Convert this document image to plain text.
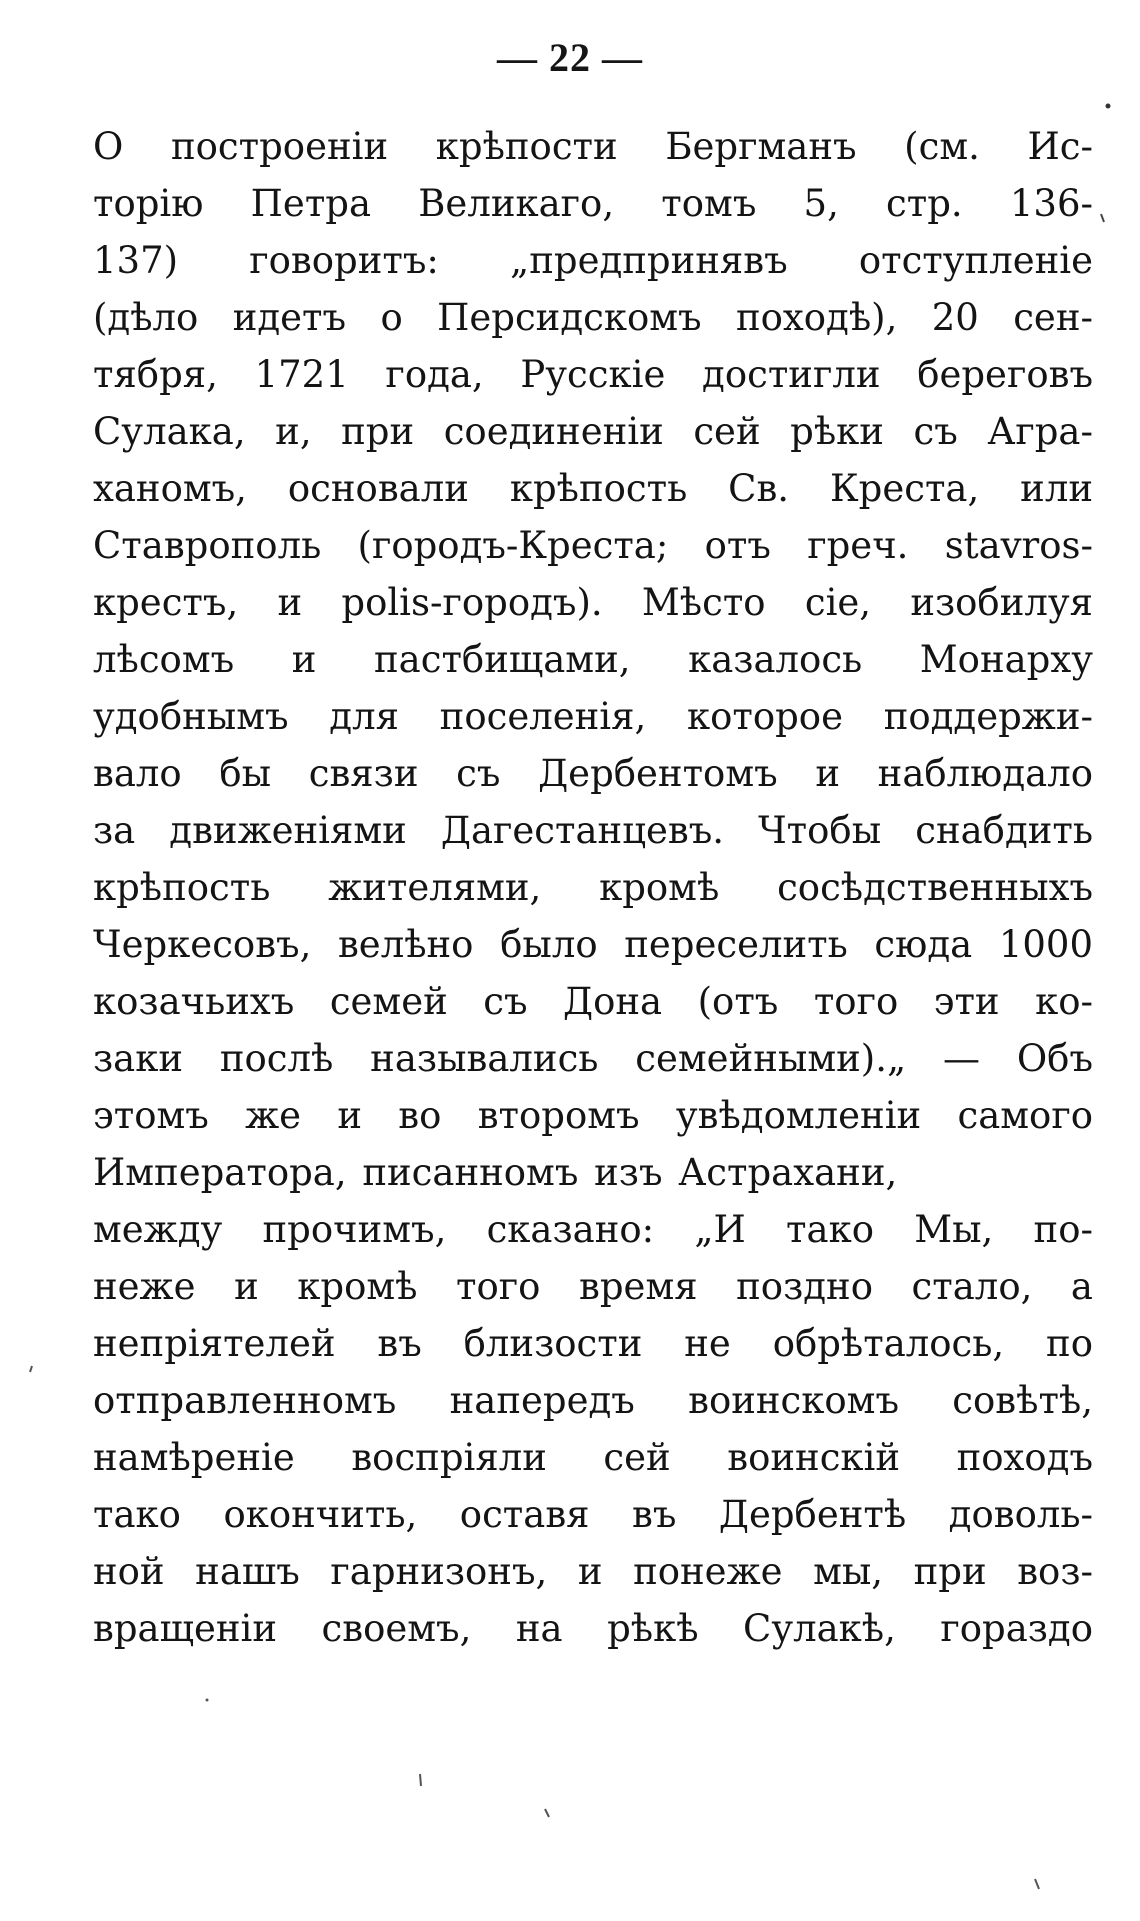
— 22 —
О построеніи крѣпости Бергманъ (см. Ис-
торію Петра Великаго, томъ 5, стр. 136-
137) говоритъ: „предпринявъ отступленіе
(дѣло идетъ о Персидскомъ походѣ), 20 сен-
тября, 1721 года, Русскіе достигли береговъ
Сулака, и, при соединеніи сей рѣки съ Агра-
ханомъ, основали крѣпость Св. Креста, или
Ставрополь (городъ-Креста; отъ греч. stavros-
крестъ, и polis-городъ). Мѣсто сіе, изобилуя
лѣсомъ и пастбищами, казалось Монарху
удобнымъ для поселенія, которое поддержи-
вало бы связи съ Дербентомъ и наблюдало
за движеніями Дагестанцевъ. Чтобы снабдить
крѣпость жителями, кромѣ сосѣдственныхъ
Черкесовъ, велѣно было переселить сюда 1000
козачьихъ семей съ Дона (отъ того эти ко-
заки послѣ назывались семейными).„ — Объ
этомъ же и во второмъ увѣдомленіи самого
Императора, писанномъ изъ Астрахани,
между прочимъ, сказано: „И тако Мы, по-
неже и кромѣ того время поздно стало, а
непріятелей въ близости не обрѣталось, по
отправленномъ напередъ воинскомъ совѣтѣ,
намѣреніе воспріяли сей воинскій походъ
тако окончить, оставя въ Дербентѣ доволь-
ной нашъ гарнизонъ, и понеже мы, при воз-
вращеніи своемъ, на рѣкѣ Сулакѣ, гораздо
